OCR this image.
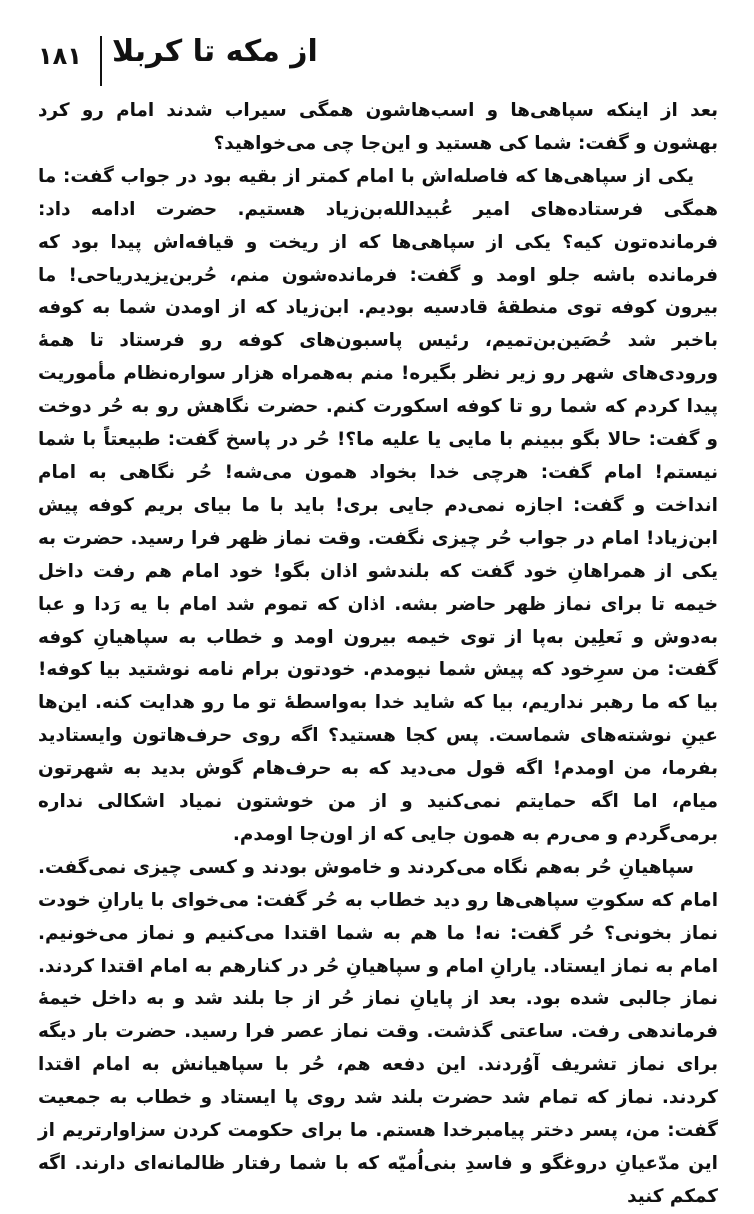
۱۸۱ از مکه تا کربلا

بعد از اینکه سپاهی‌ها و اسب‌هاشون همگی سیراب شدند امام رو کرد بهشون و گفت: شما کی هستید و این‌جا چی می‌خواهید؟

یکی از سپاهی‌ها که فاصله‌اش با امام کمتر از بقیه بود در جواب گفت: ما همگی فرستاده‌های امیر عُبیدالله‌بن‌زیاد هستیم. حضرت ادامه داد: فرمانده‌تون کیه؟ یکی از سپاهی‌ها که از ریخت و قیافه‌اش پیدا بود که فرمانده باشه جلو اومد و گفت: فرمانده‌شون منم، حُربن‌یزیدریاحی! ما بیرون کوفه توی منطقهٔ قادسیه بودیم. ابن‌زیاد که از اومدن شما به کوفه باخبر شد حُصَین‌بن‌تمیم، رئیس پاسبون‌های کوفه رو فرستاد تا همهٔ ورودی‌های شهر رو زیر نظر بگیره! منم به‌همراه هزار سواره‌نظام مأموریت پیدا کردم که شما رو تا کوفه اسکورت کنم. حضرت نگاهش رو به حُر دوخت و گفت: حالا بگو ببینم با مایی یا علیه ما؟! حُر در پاسخ گفت: طبیعتاً با شما نیستم! امام گفت: هرچی خدا بخواد همون می‌شه! حُر نگاهی به امام انداخت و گفت: اجازه نمی‌دم جایی بری! باید با ما بیای بریم کوفه پیش ابن‌زیاد! امام در جواب حُر چیزی نگفت. وقت نماز ظهر فرا رسید. حضرت به یکی از همراهانِ خود گفت که بلندشو اذان بگو! خود امام هم رفت داخل خیمه تا برای نماز ظهر حاضر بشه. اذان که تموم شد امام با یه رَدا و عبا به‌دوش و نَعلِین به‌پا از توی خیمه بیرون اومد و خطاب به سپاهیانِ کوفه گفت: من سرِخود که پیش شما نیومدم. خودتون برام نامه نوشتید بیا کوفه! بیا که ما رهبر نداریم، بیا که شاید خدا به‌واسطهٔ تو ما رو هدایت کنه. این‌ها عینِ نوشته‌های شماست. پس کجا هستید؟ اگه روی حرف‌هاتون وایستادید بفرما، من اومدم! اگه قول می‌دید که به حرف‌هام گوش بدید به شهرتون میام، اما اگه حمایتم نمی‌کنید و از من خوشتون نمیاد اشکالی نداره برمی‌گردم و می‌رم به همون جایی که از اون‌جا اومدم.

سپاهیانِ حُر به‌هم نگاه می‌کردند و خاموش بودند و کسی چیزی نمی‌گفت. امام که سکوتِ سپاهی‌ها رو دید خطاب به حُر گفت: می‌خوای با یارانِ خودت نماز بخونی؟ حُر گفت: نه! ما هم به شما اقتدا می‌کنیم و نماز می‌خونیم. امام به نماز ایستاد. یارانِ امام و سپاهیانِ حُر در کنارهم به امام اقتدا کردند. نماز جالبی شده بود. بعد از پایانِ نماز حُر از جا بلند شد و به داخل خیمهٔ فرماندهی رفت. ساعتی گذشت. وقت نماز عصر فرا رسید. حضرت بار دیگه برای نماز تشریف آوُردند. این دفعه هم، حُر با سپاهیانش به امام اقتدا کردند. نماز که تمام شد حضرت بلند شد روی پا ایستاد و خطاب به جمعیت گفت: من، پسر دختر پیامبرخدا هستم. ما برای حکومت کردن سزاوارتریم از این مدّعیانِ دروغگو و فاسدِ بنی‌اُمیّه که با شما رفتار ظالمانه‌ای دارند. اگه کمکم کنید
